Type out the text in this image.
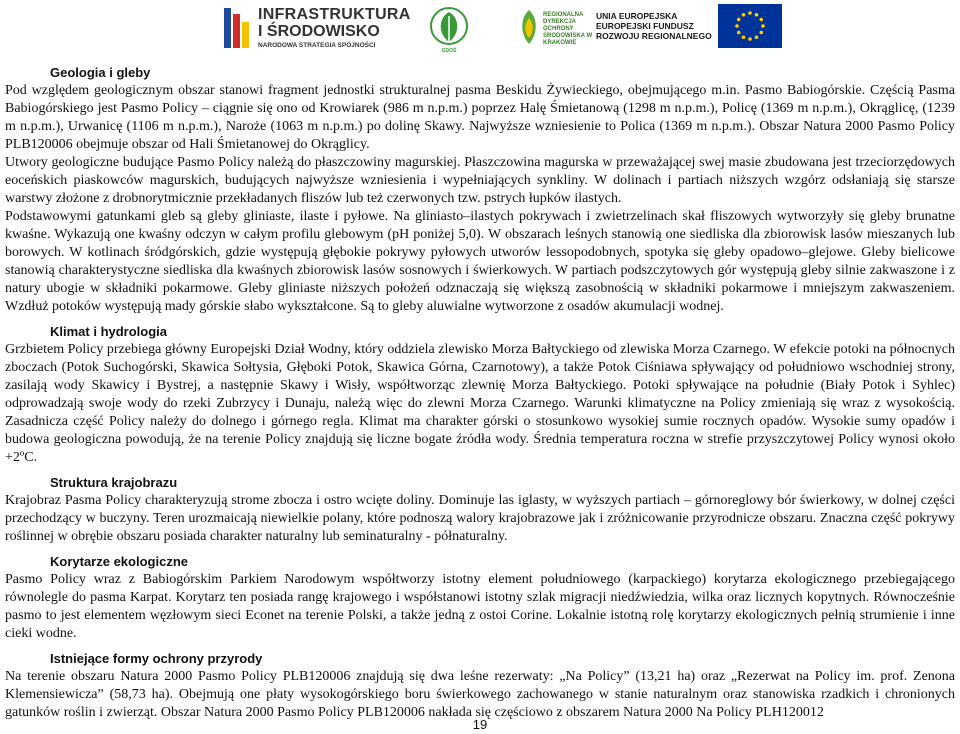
INFRASTRUKTURA
I ŚRODOWISKO
NARODOWA STRATEGIA SPÓJNOŚCI
GDOŚ
REGIONALNA DYREKCJA OCHRONY ŚRODOWISKA W KRAKOWIE
UNIA EUROPEJSKA
EUROPEJSKI FUNDUSZ
ROZWOJU REGIONALNEGO
Geologia i gleby

Pod względem geologicznym obszar stanowi fragment jednostki strukturalnej pasma Beskidu Żywieckiego, obejmującego m.in. Pasmo Babiogórskie. Częścią Pasma Babiogórskiego jest Pasmo Policy – ciągnie się ono od Krowiarek (986 m n.p.m.) poprzez Halę Śmietanową (1298 m n.p.m.), Policę (1369 m n.p.m.), Okrąglicę, (1239 m n.p.m.), Urwanicę (1106 m n.p.m.), Naroże (1063 m n.p.m.) po dolinę Skawy. Najwyższe wzniesienie to Polica (1369 m n.p.m.). Obszar Natura 2000 Pasmo Policy PLB120006 obejmuje obszar od Hali Śmietanowej do Okrąglicy.

Utwory geologiczne budujące Pasmo Policy należą do płaszczowiny magurskiej. Płaszczowina magurska w przeważającej swej masie zbudowana jest trzeciorzędowych eoceńskich piaskowców magurskich, budujących najwyższe wzniesienia i wypełniających synkliny. W dolinach i partiach niższych wzgórz odsłaniają się starsze warstwy złożone z drobnorytmicznie przekładanych fliszów lub też czerwonych tzw. pstrych łupków ilastych.

Podstawowymi gatunkami gleb są gleby gliniaste, ilaste i pyłowe. Na gliniasto–ilastych pokrywach i zwietrzelinach skał fliszowych wytworzyły się gleby brunatne kwaśne. Wykazują one kwaśny odczyn w całym profilu glebowym (pH poniżej 5,0). W obszarach leśnych stanowią one siedliska dla zbiorowisk lasów mieszanych lub borowych. W kotlinach śródgórskich, gdzie występują głębokie pokrywy pyłowych utworów lessopodobnych, spotyka się gleby opadowo–glejowe. Gleby bielicowe stanowią charakterystyczne siedliska dla kwaśnych zbiorowisk lasów sosnowych i świerkowych. W partiach podszczytowych gór występują gleby silnie zakwaszone i z natury ubogie w składniki pokarmowe. Gleby gliniaste niższych położeń odznaczają się większą zasobnością w składniki pokarmowe i mniejszym zakwaszeniem. Wzdłuż potoków występują mady górskie słabo wykształcone. Są to gleby aluwialne wytworzone z osadów akumulacji wodnej.

Klimat i hydrologia

Grzbietem Policy przebiega główny Europejski Dział Wodny, który oddziela zlewisko Morza Bałtyckiego od zlewiska Morza Czarnego. W efekcie potoki na północnych zboczach (Potok Suchogórski, Skawica Sołtysia, Głęboki Potok, Skawica Górna, Czarnotowy), a także Potok Ciśniawa spływający od południowo wschodniej strony, zasilają wody Skawicy i Bystrej, a następnie Skawy i Wisły, współtworząc zlewnię Morza Bałtyckiego. Potoki spływające na południe (Biały Potok i Syhlec) odprowadzają swoje wody do rzeki Zubrzycy i Dunaju, należą więc do zlewni Morza Czarnego. Warunki klimatyczne na Policy zmieniają się wraz z wysokością. Zasadnicza część Policy należy do dolnego i górnego regla. Klimat ma charakter górski o stosunkowo wysokiej sumie rocznych opadów. Wysokie sumy opadów i budowa geologiczna powodują, że na terenie Policy znajdują się liczne bogate źródła wody. Średnia temperatura roczna w strefie przyszczytowej Policy wynosi około +2ºC.

Struktura krajobrazu

Krajobraz Pasma Policy charakteryzują strome zbocza i ostro wcięte doliny. Dominuje las iglasty, w wyższych partiach – górnoreglowy bór świerkowy, w dolnej części przechodzący w buczyny. Teren urozmaicają niewielkie polany, które podnoszą walory krajobrazowe jak i zróżnicowanie przyrodnicze obszaru. Znaczna część pokrywy roślinnej w obrębie obszaru posiada charakter naturalny lub seminaturalny - półnaturalny.

Korytarze ekologiczne

Pasmo Policy wraz z Babiogórskim Parkiem Narodowym współtworzy istotny element południowego (karpackiego) korytarza ekologicznego przebiegającego równolegle do pasma Karpat. Korytarz ten posiada rangę krajowego i współstanowi istotny szlak migracji niedźwiedzia, wilka oraz licznych kopytnych. Równocześnie pasmo to jest elementem węzłowym sieci Econet na terenie Polski, a także jedną z ostoi Corine. Lokalnie istotną rolę korytarzy ekologicznych pełnią strumienie i inne cieki wodne.

Istniejące formy ochrony przyrody

Na terenie obszaru Natura 2000 Pasmo Policy PLB120006 znajdują się dwa leśne rezerwaty: „Na Policy” (13,21 ha) oraz „Rezerwat na Policy im. prof. Zenona Klemensiewicza” (58,73 ha). Obejmują one płaty wysokogórskiego boru świerkowego zachowanego w stanie naturalnym oraz stanowiska rzadkich i chronionych gatunków roślin i zwierząt. Obszar Natura 2000 Pasmo Policy PLB120006 nakłada się częściowo z obszarem Natura 2000 Na Policy PLH120012

19
